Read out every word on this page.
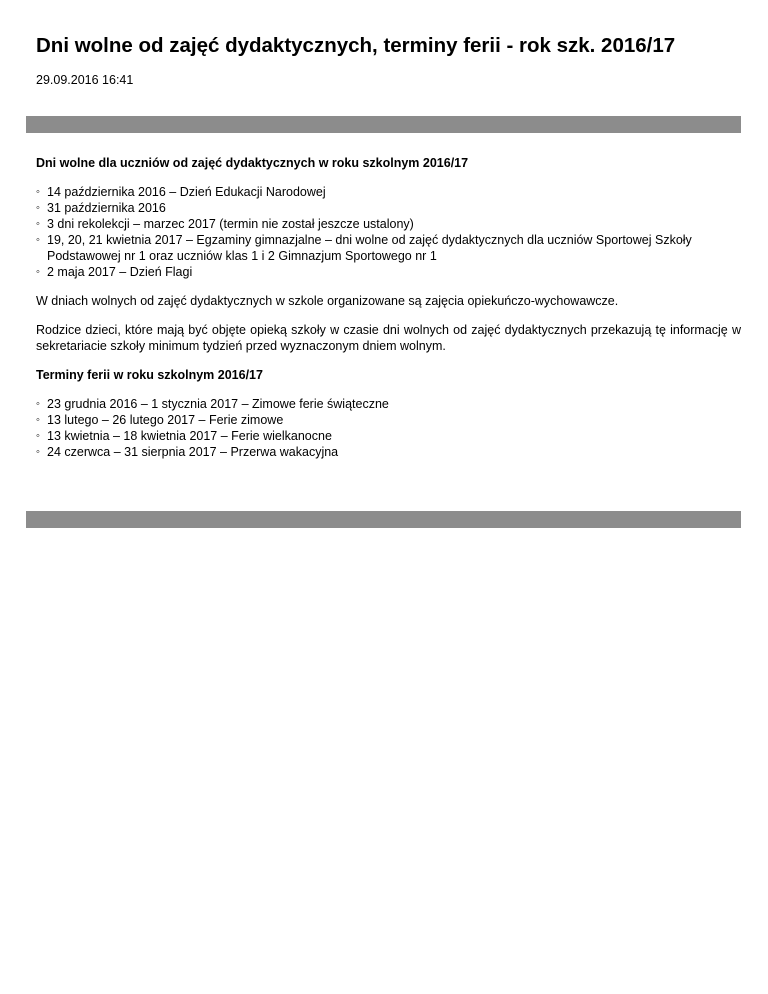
Dni wolne od zajęć dydaktycznych, terminy ferii - rok szk. 2016/17
29.09.2016 16:41
Dni wolne dla uczniów od zajęć dydaktycznych w roku szkolnym 2016/17
◦ 14 października 2016 – Dzień Edukacji Narodowej
◦ 31 października 2016
◦ 3 dni rekolekcji – marzec 2017 (termin nie został jeszcze ustalony)
◦ 19, 20, 21 kwietnia 2017 – Egzaminy gimnazjalne – dni wolne od zajęć dydaktycznych dla uczniów Sportowej Szkoły Podstawowej nr 1 oraz uczniów klas 1 i 2 Gimnazjum Sportowego nr 1
◦ 2 maja 2017 – Dzień Flagi

W dniach wolnych od zajęć dydaktycznych w szkole organizowane są zajęcia opiekuńczo-wychowawcze.

Rodzice dzieci, które mają być objęte opieką szkoły w czasie dni wolnych od zajęć dydaktycznych przekazują tę informację w sekretariacie szkoły minimum tydzień przed wyznaczonym dniem wolnym.

Terminy ferii w roku szkolnym 2016/17
◦ 23 grudnia 2016 – 1 stycznia 2017 – Zimowe ferie świąteczne
◦ 13 lutego – 26 lutego 2017 – Ferie zimowe
◦ 13 kwietnia – 18 kwietnia 2017 – Ferie wielkanocne
◦ 24 czerwca – 31 sierpnia 2017 – Przerwa wakacyjna
